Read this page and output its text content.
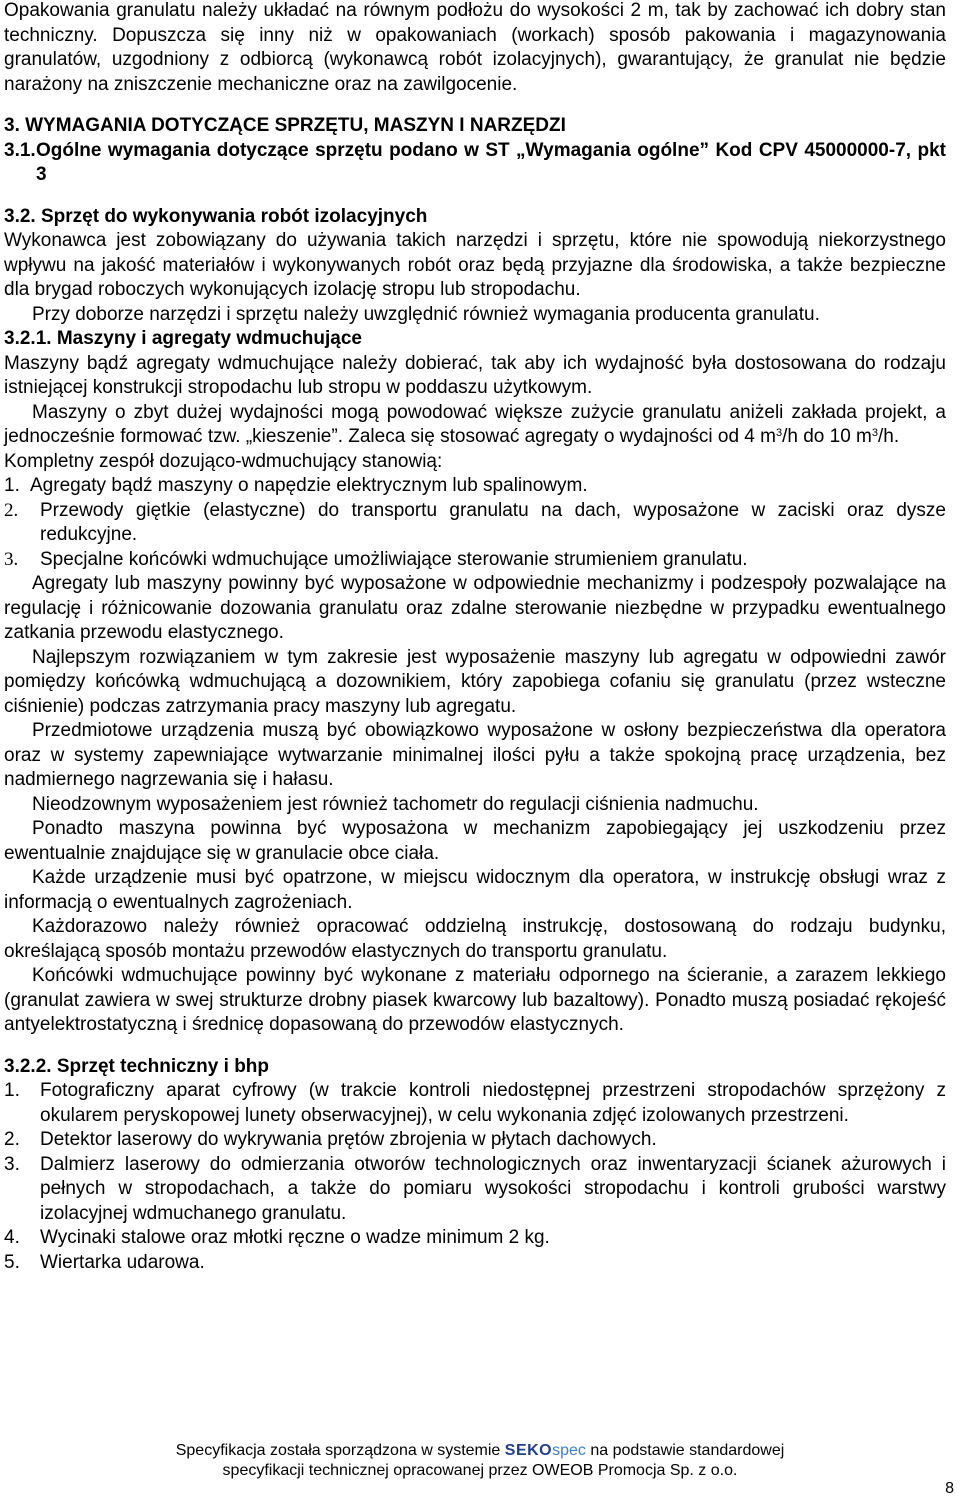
Opakowania granulatu należy układać na równym podłożu do wysokości 2 m, tak by zachować ich dobry stan techniczny. Dopuszcza się inny niż w opakowaniach (workach) sposób pakowania i magazynowania granulatów, uzgodniony z odbiorcą (wykonawcą robót izolacyjnych), gwarantujący, że granulat nie będzie narażony na zniszczenie mechaniczne oraz na zawilgocenie.

3. WYMAGANIA DOTYCZĄCE SPRZĘTU, MASZYN I NARZĘDZI
3.1. Ogólne wymagania dotyczące sprzętu podano w ST „Wymagania ogólne” Kod CPV 45000000-7, pkt 3
3.2. Sprzęt do wykonywania robót izolacyjnych

Wykonawca jest zobowiązany do używania takich narzędzi i sprzętu, które nie spowodują niekorzystnego wpływu na jakość materiałów i wykonywanych robót oraz będą przyjazne dla środowiska, a także bezpieczne dla brygad roboczych wykonujących izolację stropu lub stropodachu.

Przy doborze narzędzi i sprzętu należy uwzględnić również wymagania producenta granulatu.

3.2.1. Maszyny i agregaty wdmuchujące

Maszyny bądź agregaty wdmuchujące należy dobierać, tak aby ich wydajność była dostosowana do rodzaju istniejącej konstrukcji stropodachu lub stropu w poddaszu użytkowym.

Maszyny o zbyt dużej wydajności mogą powodować większe zużycie granulatu aniżeli zakłada projekt, a jednocześnie formować tzw. „kieszenie”. Zaleca się stosować agregaty o wydajności od 4 $m^3/h$ do 10 $m^3/h$.

Kompletny zespół dozująco-wdmuchujący stanowią:

1. Agregaty bądź maszyny o napędzie elektrycznym lub spalinowym.
2.	Przewody giętkie (elastyczne) do transportu granulatu na dach, wyposażone w zaciski oraz dysze redukcyjne.
3.	Specjalne końcówki wdmuchujące umożliwiające sterowanie strumieniem granulatu.

Agregaty lub maszyny powinny być wyposażone w odpowiednie mechanizmy i podzespoły pozwalające na regulację i różnicowanie dozowania granulatu oraz zdalne sterowanie niezbędne w przypadku ewentualnego zatkania przewodu elastycznego.

Najlepszym rozwiązaniem w tym zakresie jest wyposażenie maszyny lub agregatu w odpowiedni zawór pomiędzy końcówką wdmuchującą a dozownikiem, który zapobiega cofaniu się granulatu (przez wsteczne ciśnienie) podczas zatrzymania pracy maszyny lub agregatu.

Przedmiotowe urządzenia muszą być obowiązkowo wyposażone w osłony bezpieczeństwa dla operatora oraz w systemy zapewniające wytwarzanie minimalnej ilości pyłu a także spokojną pracę urządzenia, bez nadmiernego nagrzewania się i hałasu.

Nieodzownym wyposażeniem jest również tachometr do regulacji ciśnienia nadmuchu.

Ponadto maszyna powinna być wyposażona w mechanizm zapobiegający jej uszkodzeniu przez ewentualnie znajdujące się w granulacie obce ciała.

Każde urządzenie musi być opatrzone, w miejscu widocznym dla operatora, w instrukcję obsługi wraz z informacją o ewentualnych zagrożeniach.

Każdorazowo należy również opracować oddzielną instrukcję, dostosowaną do rodzaju budynku, określającą sposób montażu przewodów elastycznych do transportu granulatu.

Końcówki wdmuchujące powinny być wykonane z materiału odpornego na ścieranie, a zarazem lekkiego (granulat zawiera w swej strukturze drobny piasek kwarcowy lub bazaltowy). Ponadto muszą posiadać rękojeść antyelektrostatyczną i średnicę dopasowaną do przewodów elastycznych.

3.2.2. Sprzęt techniczny i bhp
1.	Fotograficzny aparat cyfrowy (w trakcie kontroli niedostępnej przestrzeni stropodachów sprzężony z okularem peryskopowej lunety obserwacyjnej), w celu wykonania zdjęć izolowanych przestrzeni.
2.	Detektor laserowy do wykrywania prętów zbrojenia w płytach dachowych.
3.	Dalmierz laserowy do odmierzania otworów technologicznych oraz inwentaryzacji ścianek ażurowych i pełnych w stropodachach, a także do pomiaru wysokości stropodachu i kontroli grubości warstwy izolacyjnej wdmuchanego granulatu.
4.	Wycinaki stalowe oraz młotki ręczne o wadze minimum 2 kg.
5.	Wiertarka udarowa.
Specyfikacja została sporządzona w systemie SEKOspec na podstawie standardowej
specyfikacji technicznej opracowanej przez OWEOB Promocja Sp. z o.o.
8
